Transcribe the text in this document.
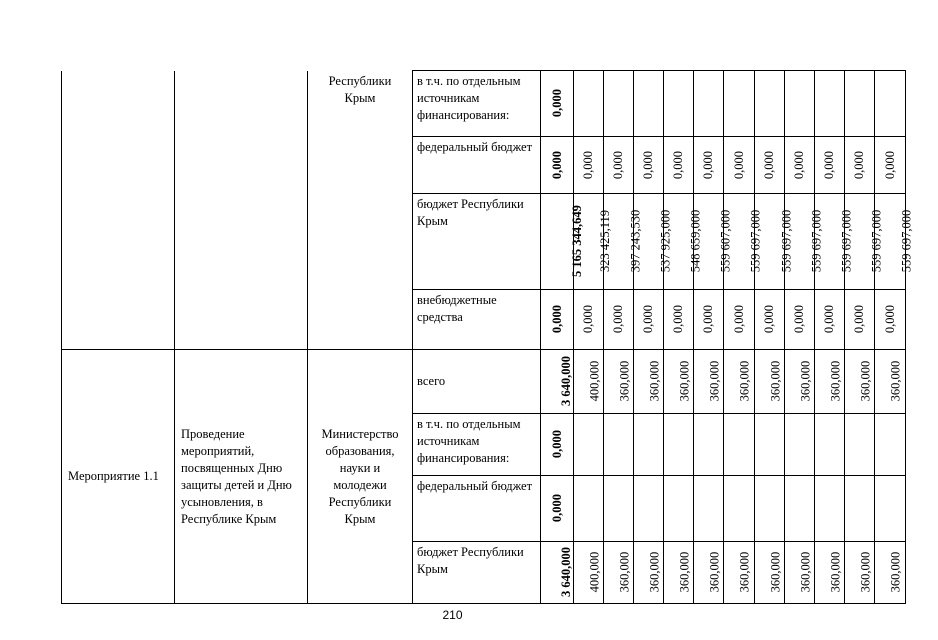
		Республики Крым	в т.ч. по отдельным источникам финансирования:	0,000											
			федеральный бюджет	0,000	0,000	0,000	0,000	0,000	0,000	0,000	0,000	0,000	0,000	0,000	0,000
			бюджет Республики Крым	5 165 344,649	323 425,119	397 243,530	537 925,000	548 659,000	559 607,000	559 697,000	559 697,000	559 697,000	559 697,000	559 697,000	559 697,000
			внебюджетные средства	0,000	0,000	0,000	0,000	0,000	0,000	0,000	0,000	0,000	0,000	0,000	0,000
Мероприятие 1.1	Проведение мероприятий, посвященных Дню защиты детей и Дню усыновления, в Республике Крым	Министерство образования, науки и молодежи Республики Крым	всего	3 640,000	400,000	360,000	360,000	360,000	360,000	360,000	360,000	360,000	360,000	360,000	360,000
			в т.ч. по отдельным источникам финансирования:	0,000											
			федеральный бюджет	0,000											
			бюджет Республики Крым	3 640,000	400,000	360,000	360,000	360,000	360,000	360,000	360,000	360,000	360,000	360,000	360,000
210
